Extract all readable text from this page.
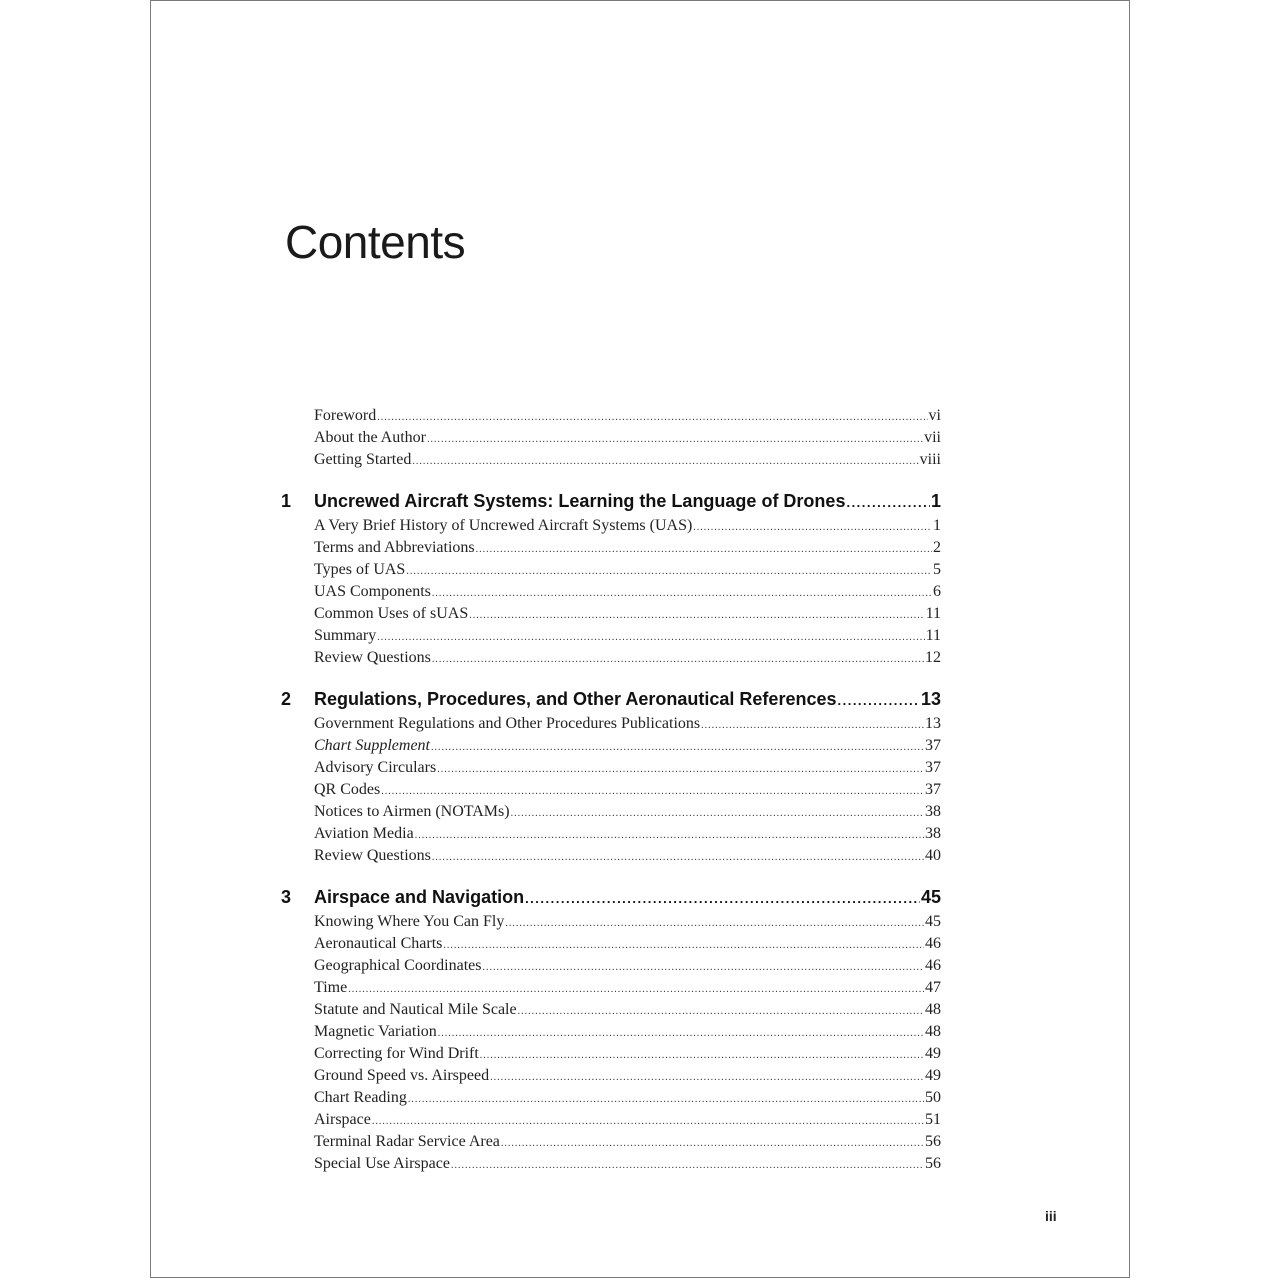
Contents
Foreword .....	vi
About the Author .....	vii
Getting Started .....	viii
1	Uncrewed Aircraft Systems: Learning the Language of Drones .....	1
A Very Brief History of Uncrewed Aircraft Systems (UAS) .....	1
Terms and Abbreviations .....	2
Types of UAS .....	5
UAS Components .....	6
Common Uses of sUAS .....	11
Summary .....	11
Review Questions .....	12
2	Regulations, Procedures, and Other Aeronautical References .....	13
Government Regulations and Other Procedures Publications .....	13
Chart Supplement .....	37
Advisory Circulars .....	37
QR Codes .....	37
Notices to Airmen (NOTAMs) .....	38
Aviation Media .....	38
Review Questions .....	40
3	Airspace and Navigation .....	45
Knowing Where You Can Fly .....	45
Aeronautical Charts .....	46
Geographical Coordinates .....	46
Time .....	47
Statute and Nautical Mile Scale .....	48
Magnetic Variation .....	48
Correcting for Wind Drift .....	49
Ground Speed vs. Airspeed .....	49
Chart Reading .....	50
Airspace .....	51
Terminal Radar Service Area .....	56
Special Use Airspace .....	56
iii
